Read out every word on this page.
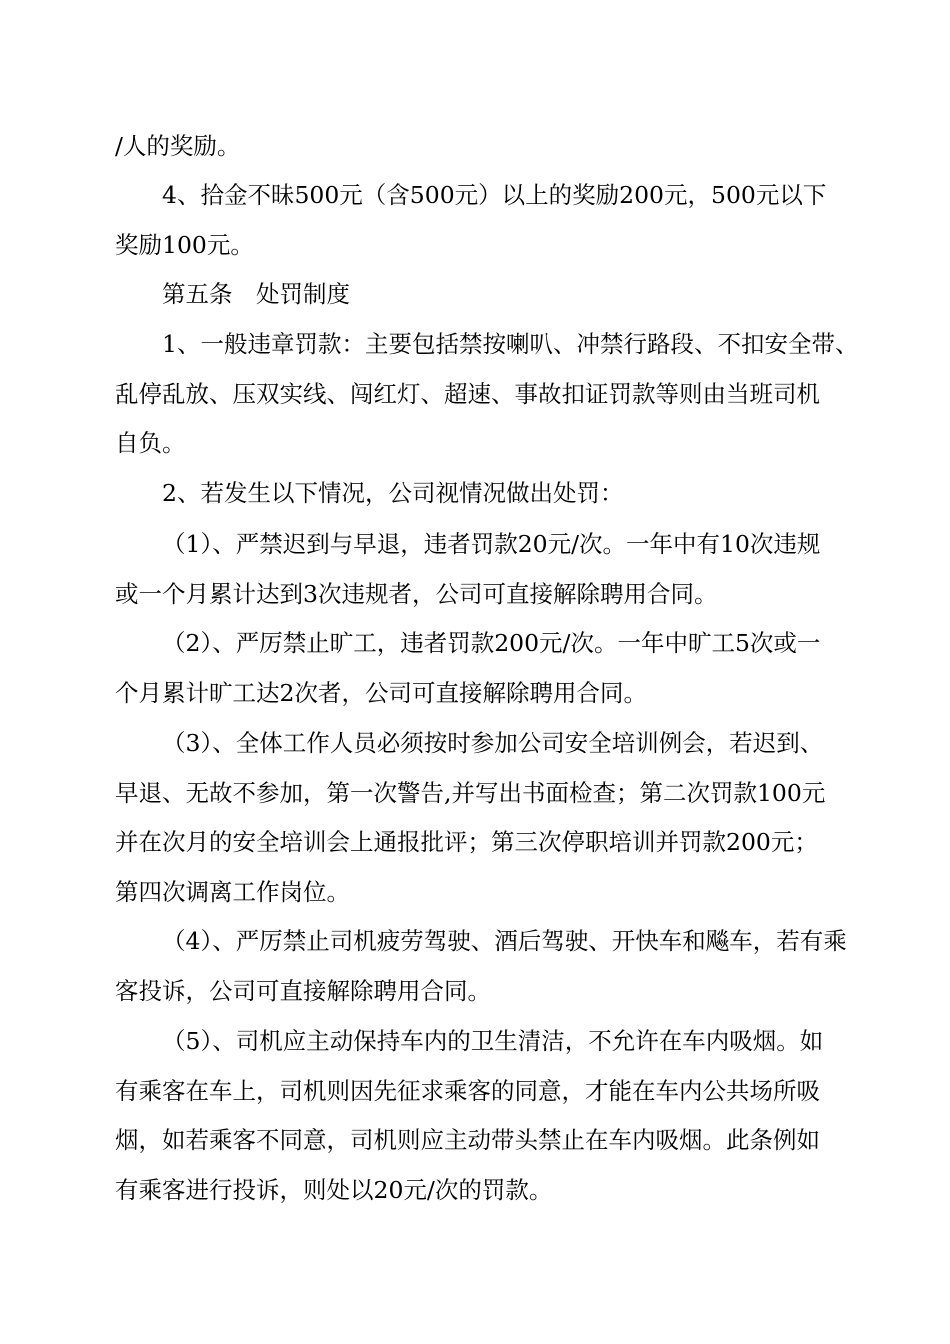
/人的奖励。

4、拾金不昧500元（含500元）以上的奖励200元，500元以下
奖励100元。

第五条　处罚制度

1、一般违章罚款：主要包括禁按喇叭、冲禁行路段、不扣安全带、
乱停乱放、压双实线、闯红灯、超速、事故扣证罚款等则由当班司机
自负。

2、若发生以下情况，公司视情况做出处罚：

（1）、严禁迟到与早退，违者罚款20元/次。一年中有10次违规
或一个月累计达到3次违规者，公司可直接解除聘用合同。

（2）、严厉禁止旷工，违者罚款200元/次。一年中旷工5次或一
个月累计旷工达2次者，公司可直接解除聘用合同。

（3）、全体工作人员必须按时参加公司安全培训例会，若迟到、
早退、无故不参加，第一次警告,并写出书面检查；第二次罚款100元
并在次月的安全培训会上通报批评；第三次停职培训并罚款200元；
第四次调离工作岗位。

（4）、严厉禁止司机疲劳驾驶、酒后驾驶、开快车和飚车，若有乘
客投诉，公司可直接解除聘用合同。

（5）、司机应主动保持车内的卫生清洁，不允许在车内吸烟。如
有乘客在车上，司机则因先征求乘客的同意，才能在车内公共场所吸
烟，如若乘客不同意，司机则应主动带头禁止在车内吸烟。此条例如
有乘客进行投诉，则处以20元/次的罚款。
